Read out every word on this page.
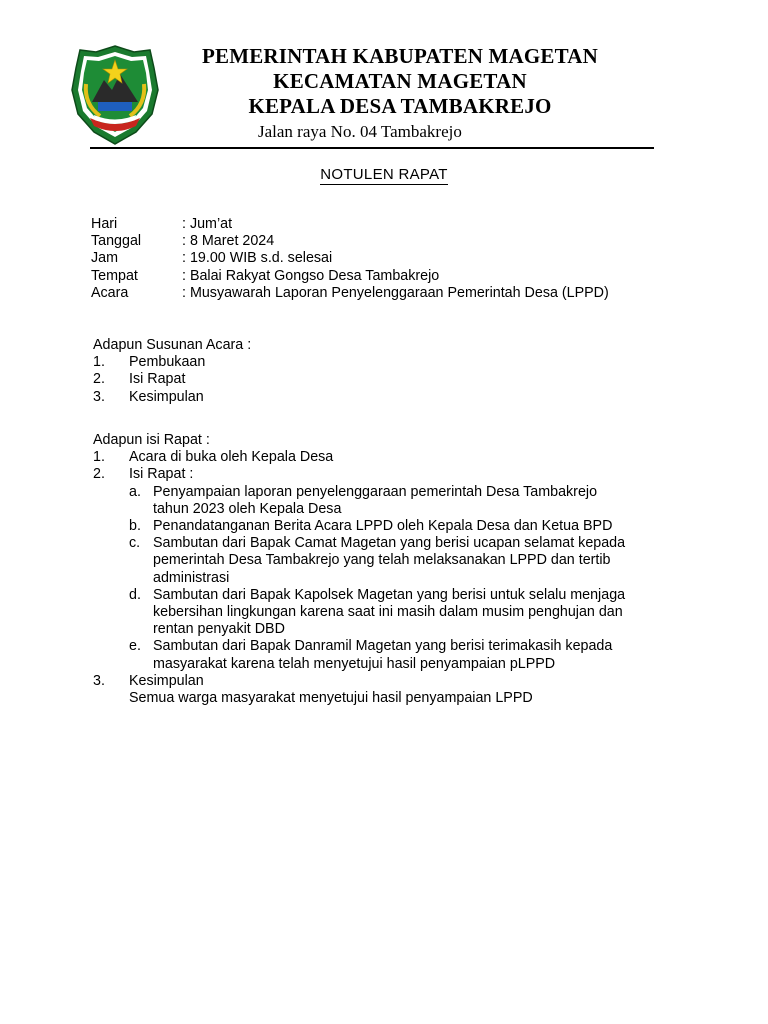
PEMERINTAH KABUPATEN MAGETAN
KECAMATAN MAGETAN
KEPALA DESA TAMBAKREJO
Jalan raya No. 04 Tambakrejo
NOTULEN RAPAT
Hari	: Jum’at
Tanggal	: 8 Maret 2024
Jam	: 19.00 WIB s.d. selesai
Tempat	: Balai Rakyat Gongso Desa Tambakrejo
Acara	: Musyawarah Laporan Penyelenggaraan Pemerintah Desa (LPPD)
Adapun Susunan Acara :
1. Pembukaan
2. Isi Rapat
3. Kesimpulan
Adapun isi Rapat :
1. Acara di buka oleh Kepala Desa
2. Isi Rapat :
a. Penyampaian laporan penyelenggaraan pemerintah Desa Tambakrejo
tahun 2023 oleh Kepala Desa
b. Penandatanganan Berita Acara LPPD oleh Kepala Desa dan Ketua BPD
c. Sambutan dari Bapak Camat Magetan yang berisi ucapan selamat kepada
pemerintah Desa Tambakrejo yang telah melaksanakan LPPD dan tertib
administrasi
d. Sambutan dari Bapak Kapolsek Magetan yang berisi untuk selalu menjaga
kebersihan lingkungan karena saat ini masih dalam musim penghujan dan
rentan penyakit DBD
e. Sambutan dari Bapak Danramil Magetan yang berisi terimakasih kepada
masyarakat karena telah menyetujui hasil penyampaian pLPPD
3. Kesimpulan
Semua warga masyarakat menyetujui hasil penyampaian LPPD
